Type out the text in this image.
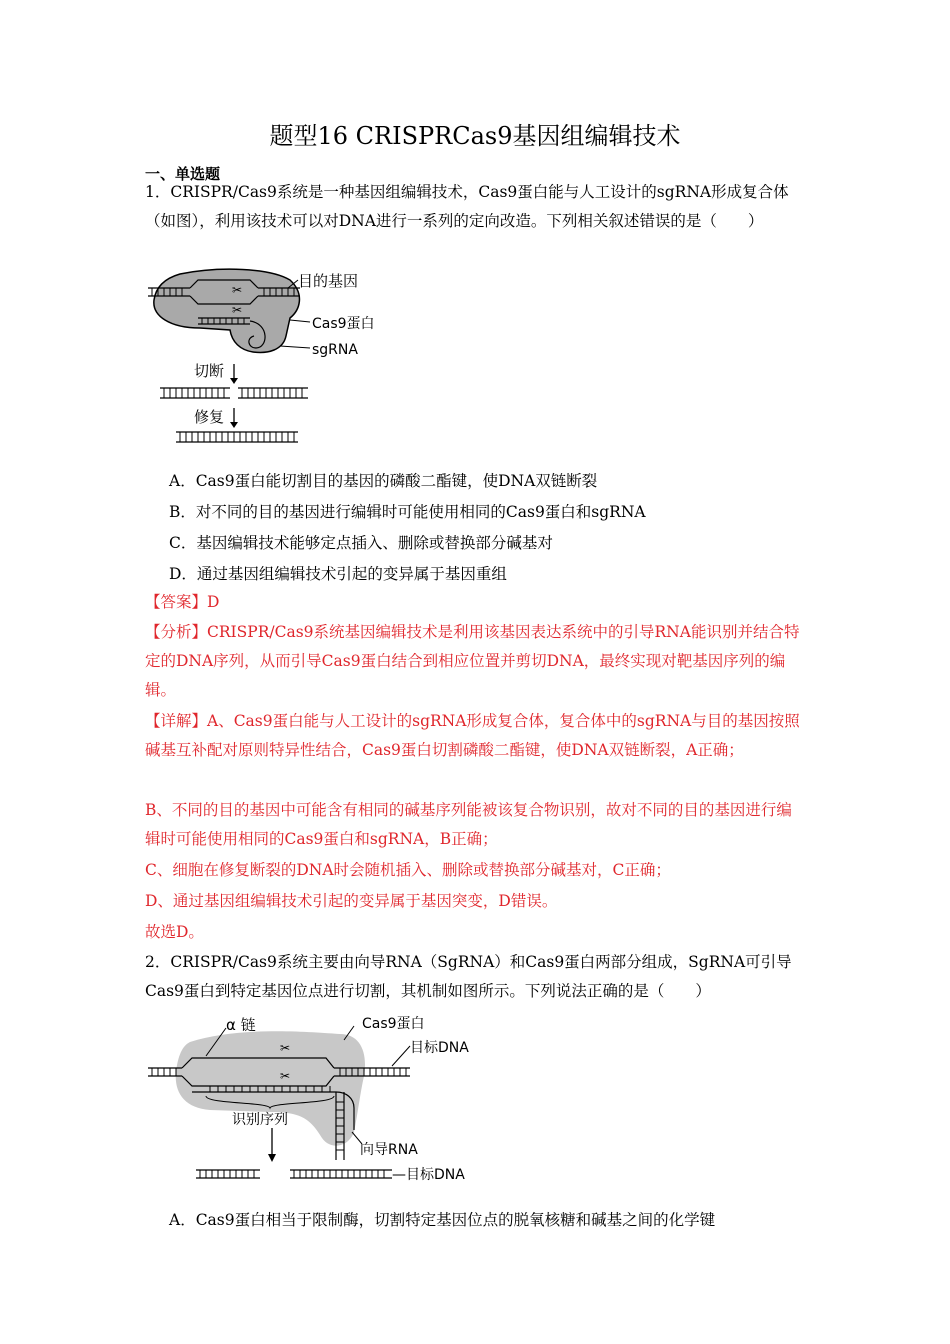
题型16 CRISPRCas9基因组编辑技术
一、单选题
1．CRISPR/Cas9系统是一种基因组编辑技术，Cas9蛋白能与人工设计的sgRNA形成复合体（如图），利用该技术可以对DNA进行一系列的定向改造。下列相关叙述错误的是（　　）
✂
✂
目的基因
Cas9蛋白
sgRNA
切断
修复
A．Cas9蛋白能切割目的基因的磷酸二酯键，使DNA双链断裂
B．对不同的目的基因进行编辑时可能使用相同的Cas9蛋白和sgRNA
C．基因编辑技术能够定点插入、删除或替换部分碱基对
D．通过基因组编辑技术引起的变异属于基因重组
【答案】D
【分析】CRISPR/Cas9系统基因编辑技术是利用该基因表达系统中的引导RNA能识别并结合特定的DNA序列，从而引导Cas9蛋白结合到相应位置并剪切DNA，最终实现对靶基因序列的编辑。
【详解】A、Cas9蛋白能与人工设计的sgRNA形成复合体，复合体中的sgRNA与目的基因按照碱基互补配对原则特异性结合，Cas9蛋白切割磷酸二酯键，使DNA双链断裂，A正确；
B、不同的目的基因中可能含有相同的碱基序列能被该复合物识别，故对不同的目的基因进行编辑时可能使用相同的Cas9蛋白和sgRNA，B正确；
C、细胞在修复断裂的DNA时会随机插入、删除或替换部分碱基对，C正确；
D、通过基因组编辑技术引起的变异属于基因突变，D错误。
故选D。
2．CRISPR/Cas9系统主要由向导RNA（SgRNA）和Cas9蛋白两部分组成，SgRNA可引导Cas9蛋白到特定基因位点进行切割，其机制如图所示。下列说法正确的是（　　）
✂
✂
识别序列
α 链	Cas9蛋白
目标DNA
向导RNA
—目标DNA
A．Cas9蛋白相当于限制酶，切割特定基因位点的脱氧核糖和碱基之间的化学键
